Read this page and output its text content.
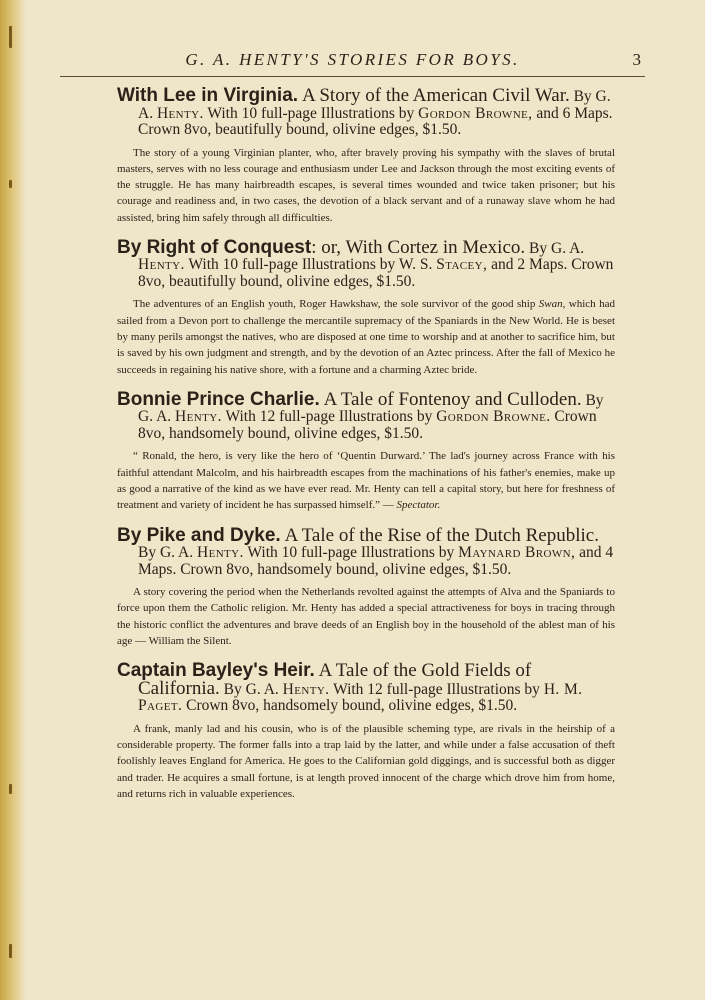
G. A. HENTY'S STORIES FOR BOYS.	3

With Lee in Virginia. A Story of the American Civil War. By G. A. Henty. With 10 full-page Illustrations by Gordon Browne, and 6 Maps. Crown 8vo, beautifully bound, olivine edges, $1.50.

The story of a young Virginian planter, who, after bravely proving his sympathy with the slaves of brutal masters, serves with no less courage and enthusiasm under Lee and Jackson through the most exciting events of the struggle. He has many hairbreadth escapes, is several times wounded and twice taken prisoner; but his courage and readiness and, in two cases, the devotion of a black servant and of a runaway slave whom he had assisted, bring him safely through all difficulties.

By Right of Conquest: or, With Cortez in Mexico. By G. A. Henty. With 10 full-page Illustrations by W. S. Stacey, and 2 Maps. Crown 8vo, beautifully bound, olivine edges, $1.50.

The adventures of an English youth, Roger Hawkshaw, the sole survivor of the good ship Swan, which had sailed from a Devon port to challenge the mercantile supremacy of the Spaniards in the New World. He is beset by many perils amongst the natives, who are disposed at one time to worship and at another to sacrifice him, but is saved by his own judgment and strength, and by the devotion of an Aztec princess. After the fall of Mexico he succeeds in regaining his native shore, with a fortune and a charming Aztec bride.

Bonnie Prince Charlie. A Tale of Fontenoy and Culloden. By G. A. Henty. With 12 full-page Illustrations by Gordon Browne. Crown 8vo, handsomely bound, olivine edges, $1.50.

“ Ronald, the hero, is very like the hero of ‘Quentin Durward.’ The lad's journey across France with his faithful attendant Malcolm, and his hairbreadth escapes from the machinations of his father's enemies, make up as good a narrative of the kind as we have ever read. Mr. Henty can tell a capital story, but here for freshness of treatment and variety of incident he has surpassed himself.” — Spectator.

By Pike and Dyke. A Tale of the Rise of the Dutch Republic. By G. A. Henty. With 10 full-page Illustrations by Maynard Brown, and 4 Maps. Crown 8vo, handsomely bound, olivine edges, $1.50.

A story covering the period when the Netherlands revolted against the attempts of Alva and the Spaniards to force upon them the Catholic religion. Mr. Henty has added a special attractiveness for boys in tracing through the historic conflict the adventures and brave deeds of an English boy in the household of the ablest man of his age — William the Silent.

Captain Bayley's Heir. A Tale of the Gold Fields of California. By G. A. Henty. With 12 full-page Illustrations by H. M. Paget. Crown 8vo, handsomely bound, olivine edges, $1.50.

A frank, manly lad and his cousin, who is of the plausible scheming type, are rivals in the heirship of a considerable property. The former falls into a trap laid by the latter, and while under a false accusation of theft foolishly leaves England for America. He goes to the Californian gold diggings, and is successful both as digger and trader. He acquires a small fortune, is at length proved innocent of the charge which drove him from home, and returns rich in valuable experiences.
